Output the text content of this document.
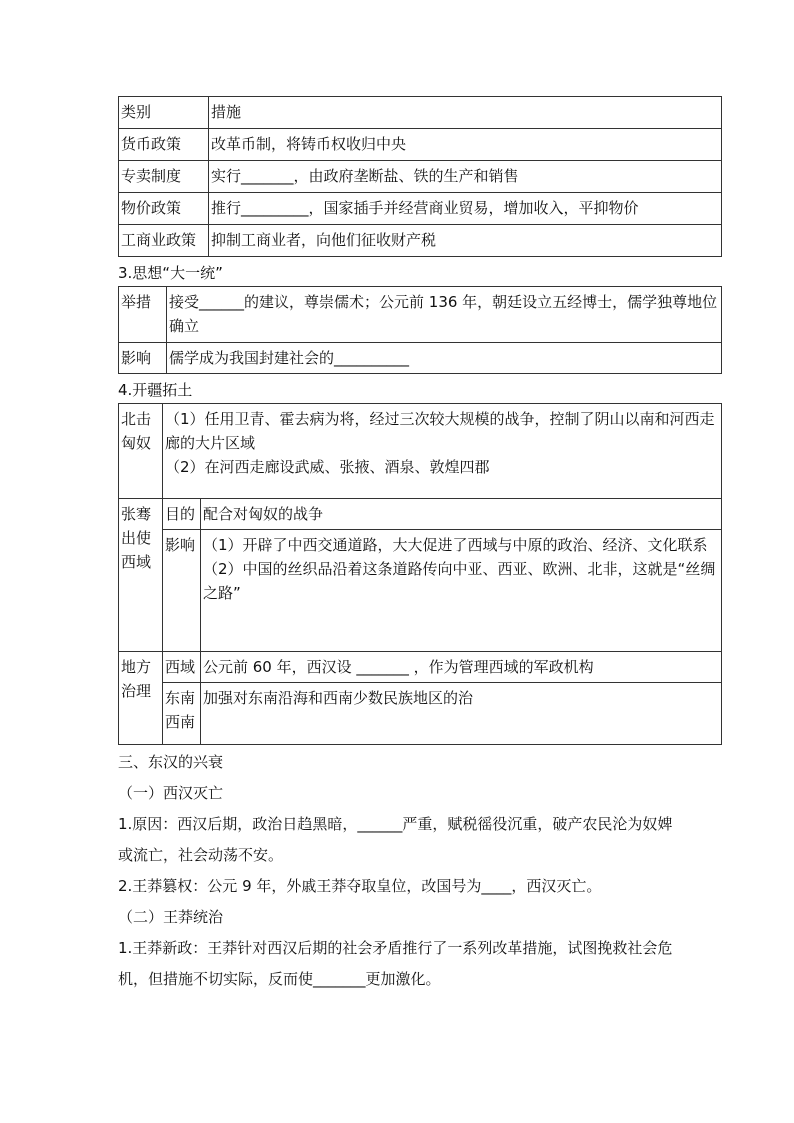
类别	措施
货币政策	改革币制，将铸币权收归中央
专卖制度	实行_______，由政府垄断盐、铁的生产和销售
物价政策	推行_________，国家插手并经营商业贸易，增加收入，平抑物价
工商业政策	抑制工商业者，向他们征收财产税
3.思想“大一统”
举措	接受______的建议，尊崇儒术；公元前 136 年，朝廷设立五经博士，儒学独尊地位确立
影响	儒学成为我国封建社会的__________
4.开疆拓土
北击匈奴	（1）任用卫青、霍去病为将，经过三次较大规模的战争，控制了阴山以南和河西走廊的大片区域
（2）在河西走廊设武威、张掖、酒泉、敦煌四郡	

张骞出使西域	目的	配合对匈奴的战争
	影响	（1）开辟了中西交通道路，大大促进了西域与中原的政治、经济、文化联系
（2）中国的丝织品沿着这条道路传向中亚、西亚、欧洲、北非，这就是“丝绸之路”

地方治理	西域	公元前 60 年，西汉设 _______ ，作为管理西域的军政机构
	东南西南	加强对东南沿海和西南少数民族地区的治
三、东汉的兴衰
（一）西汉灭亡
1.原因：西汉后期，政治日趋黑暗，______严重，赋税徭役沉重，破产农民沦为奴婢或流亡，社会动荡不安。
2.王莽篡权：公元 9 年，外戚王莽夺取皇位，改国号为____，西汉灭亡。
（二）王莽统治
1.王莽新政：王莽针对西汉后期的社会矛盾推行了一系列改革措施，试图挽救社会危机，但措施不切实际，反而使_______更加激化。
